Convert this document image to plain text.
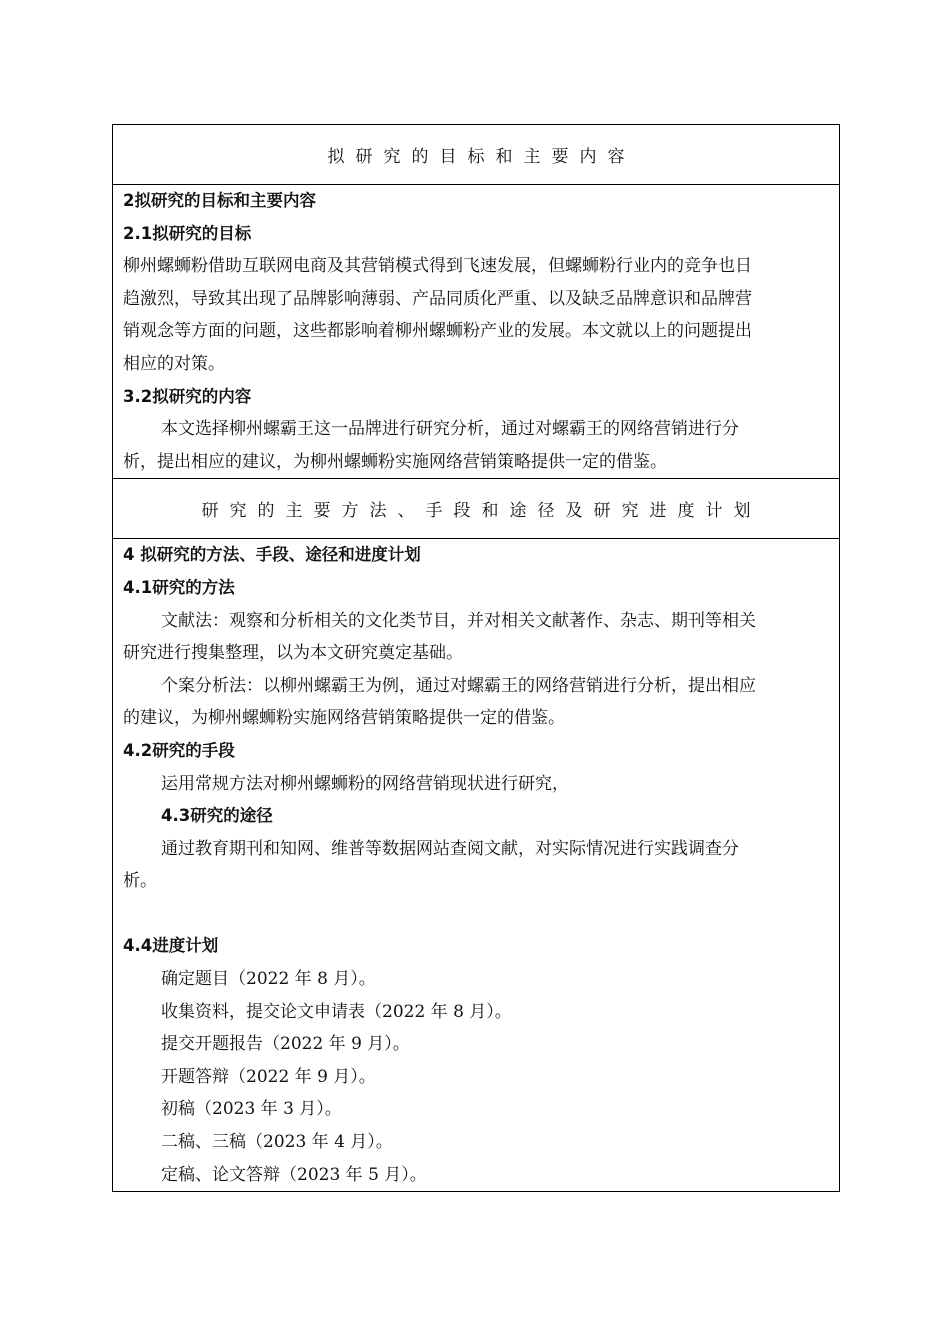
拟研究的目标和主要内容
2拟研究的目标和主要内容
2.1拟研究的目标
柳州螺蛳粉借助互联网电商及其营销模式得到飞速发展，但螺蛳粉行业内的竞争也日
趋激烈，导致其出现了品牌影响薄弱、产品同质化严重、以及缺乏品牌意识和品牌营
销观念等方面的问题，这些都影响着柳州螺蛳粉产业的发展。本文就以上的问题提出
相应的对策。
3.2拟研究的内容
本文选择柳州螺霸王这一品牌进行研究分析，通过对螺霸王的网络营销进行分
析，提出相应的建议，为柳州螺蛳粉实施网络营销策略提供一定的借鉴。
研究的主要方法、手段和途径及研究进度计划
4 拟研究的方法、手段、途径和进度计划
4.1研究的方法
文献法：观察和分析相关的文化类节目，并对相关文献著作、杂志、期刊等相关
研究进行搜集整理，以为本文研究奠定基础。
个案分析法：以柳州螺霸王为例，通过对螺霸王的网络营销进行分析，提出相应
的建议，为柳州螺蛳粉实施网络营销策略提供一定的借鉴。
4.2研究的手段
运用常规方法对柳州螺蛳粉的网络营销现状进行研究，
4.3研究的途径
通过教育期刊和知网、维普等数据网站查阅文献，对实际情况进行实践调查分
析。
4.4进度计划
确定题目（2022 年 8 月）。
收集资料，提交论文申请表（2022 年 8 月）。
提交开题报告（2022 年 9 月）。
开题答辩（2022 年 9 月）。
初稿（2023 年 3 月）。
二稿、三稿（2023 年 4 月）。
定稿、论文答辩（2023 年 5 月）。
